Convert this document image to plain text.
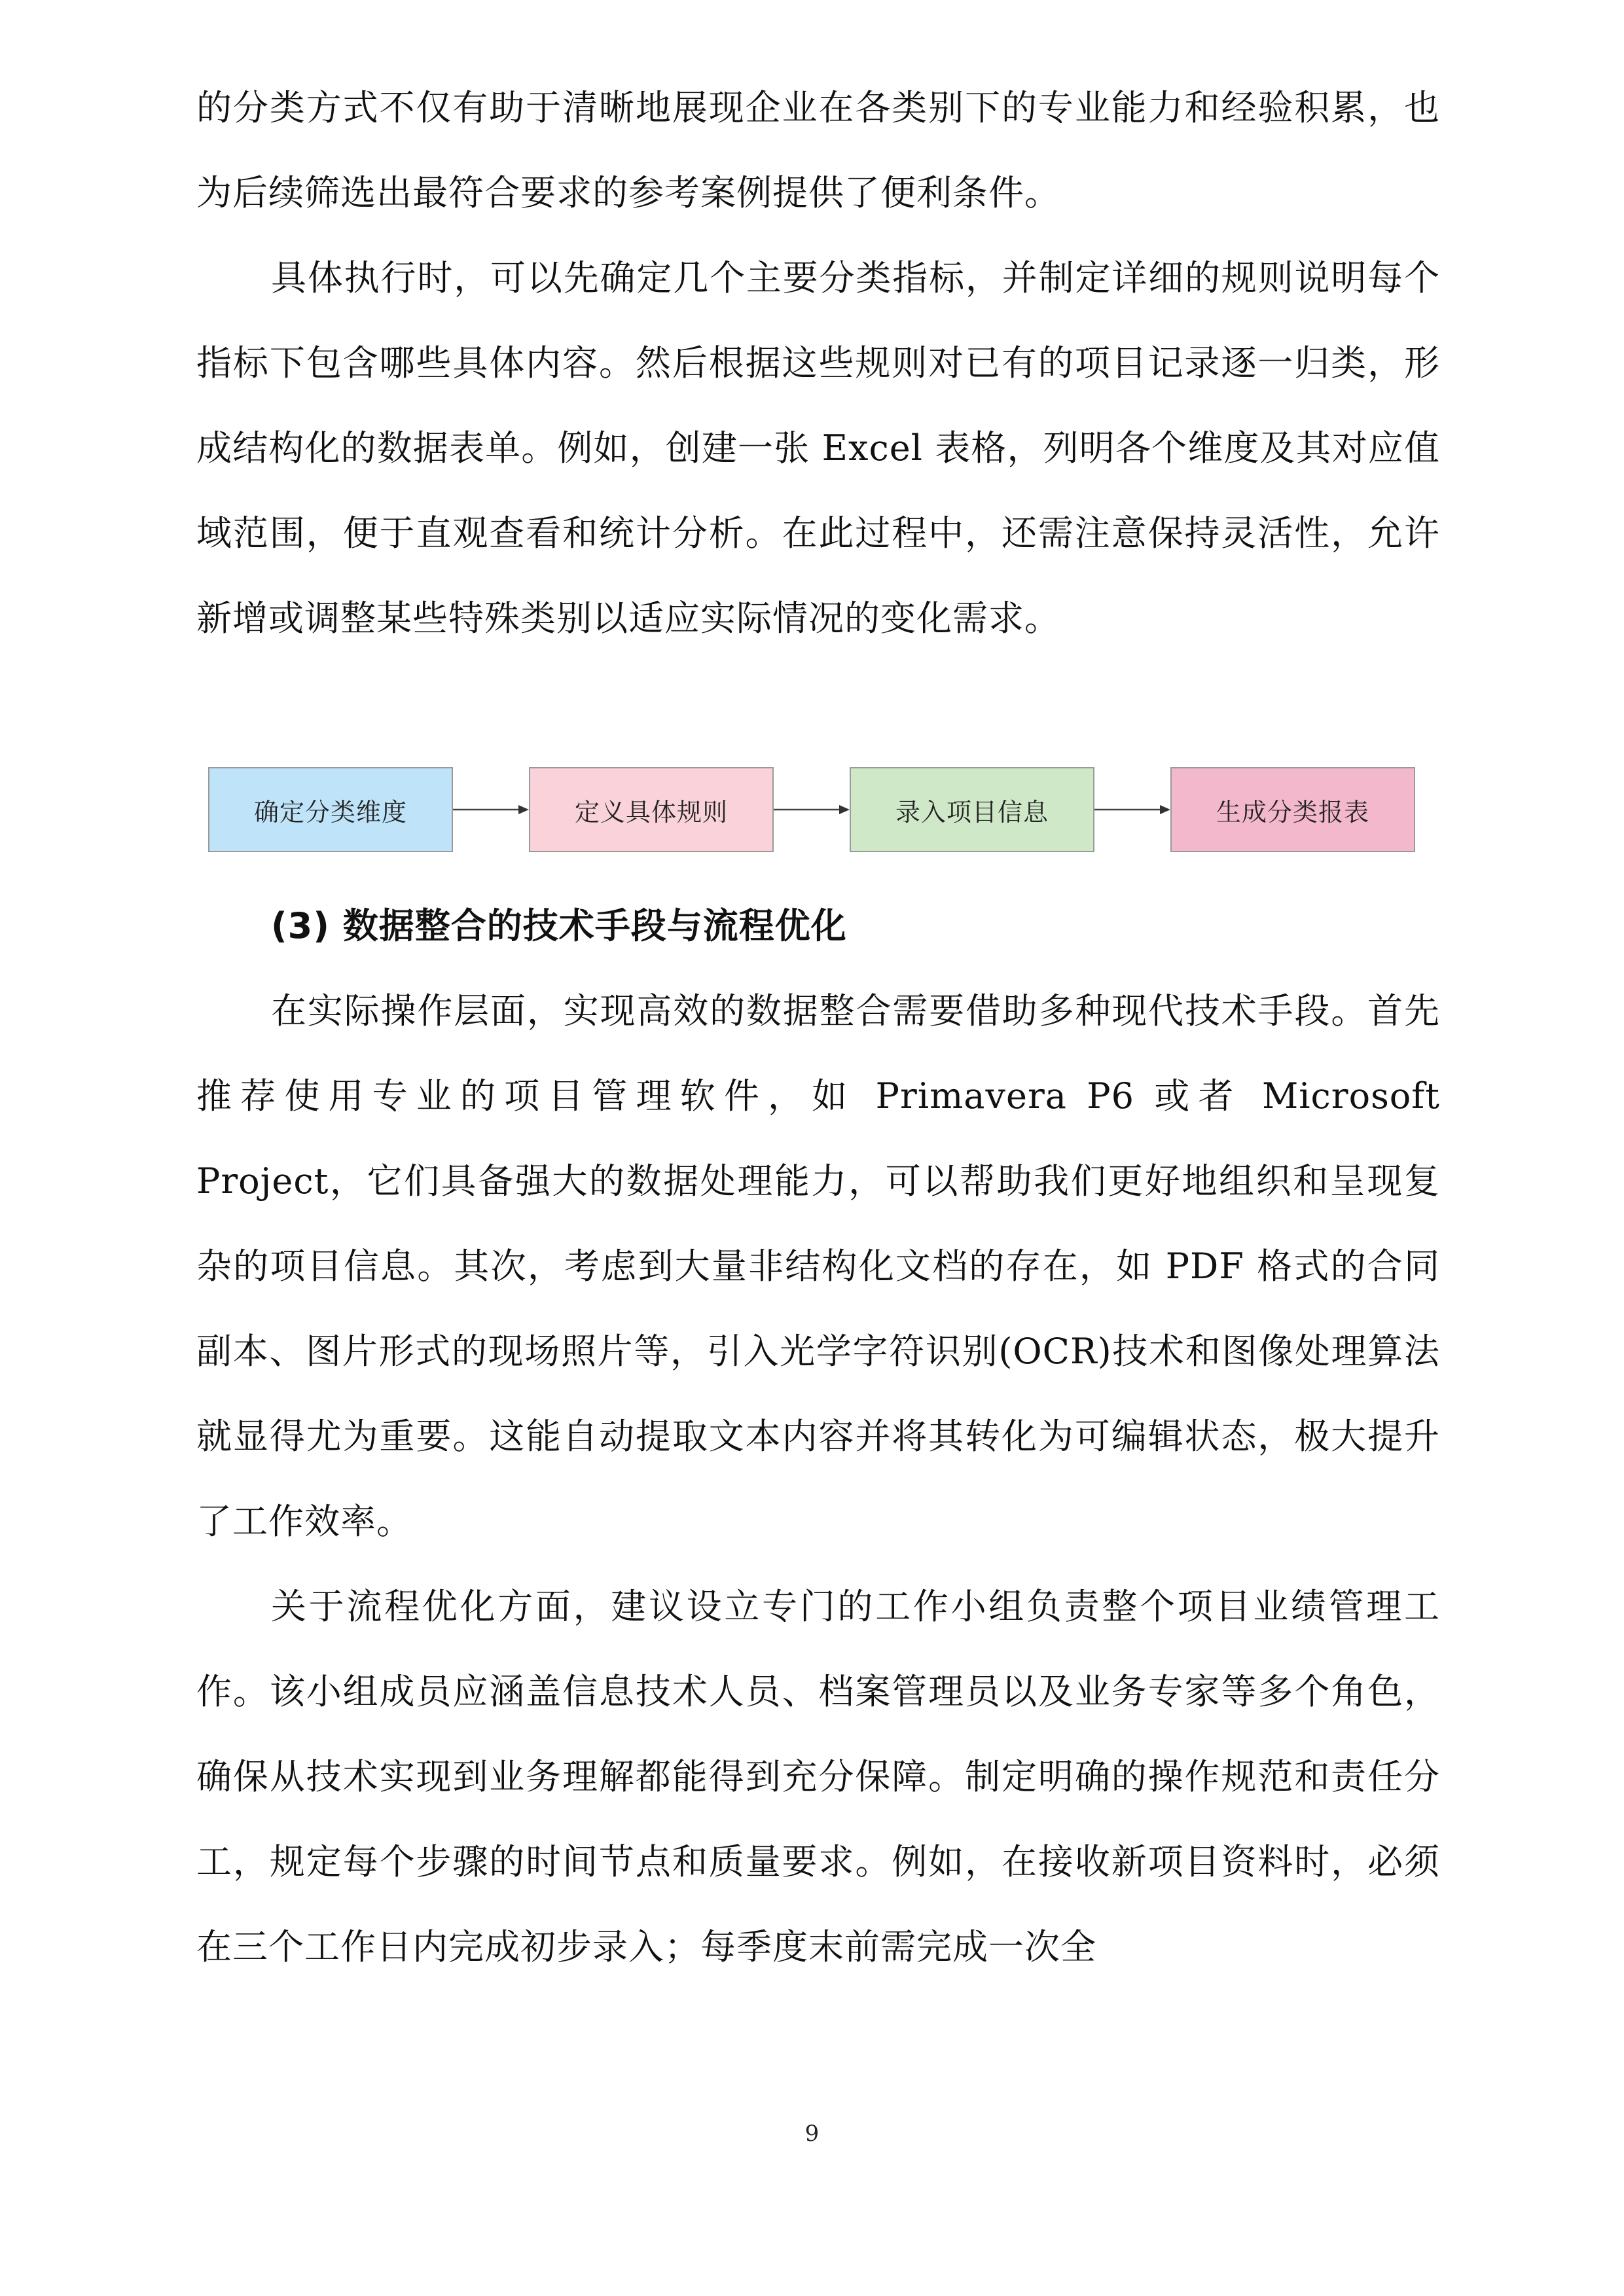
的分类方式不仅有助于清晰地展现企业在各类别下的专业能力和经验积累，也为后续筛选出最符合要求的参考案例提供了便利条件。

具体执行时，可以先确定几个主要分类指标，并制定详细的规则说明每个指标下包含哪些具体内容。然后根据这些规则对已有的项目记录逐一归类，形成结构化的数据表单。例如，创建一张 Excel 表格，列明各个维度及其对应值域范围，便于直观查看和统计分析。在此过程中，还需注意保持灵活性，允许新增或调整某些特殊类别以适应实际情况的变化需求。

确定分类维度	定义具体规则	录入项目信息	生成分类报表
(3) 数据整合的技术手段与流程优化

在实际操作层面，实现高效的数据整合需要借助多种现代技术手段。首先推荐使用专业的项目管理软件，如 Primavera P6 或者 Microsoft Project，它们具备强大的数据处理能力，可以帮助我们更好地组织和呈现复杂的项目信息。其次，考虑到大量非结构化文档的存在，如 PDF 格式的合同副本、图片形式的现场照片等，引入光学字符识别(OCR)技术和图像处理算法就显得尤为重要。这能自动提取文本内容并将其转化为可编辑状态，极大提升了工作效率。

关于流程优化方面，建议设立专门的工作小组负责整个项目业绩管理工作。该小组成员应涵盖信息技术人员、档案管理员以及业务专家等多个角色，确保从技术实现到业务理解都能得到充分保障。制定明确的操作规范和责任分工，规定每个步骤的时间节点和质量要求。例如，在接收新项目资料时，必须在三个工作日内完成初步录入；每季度末前需完成一次全

9
